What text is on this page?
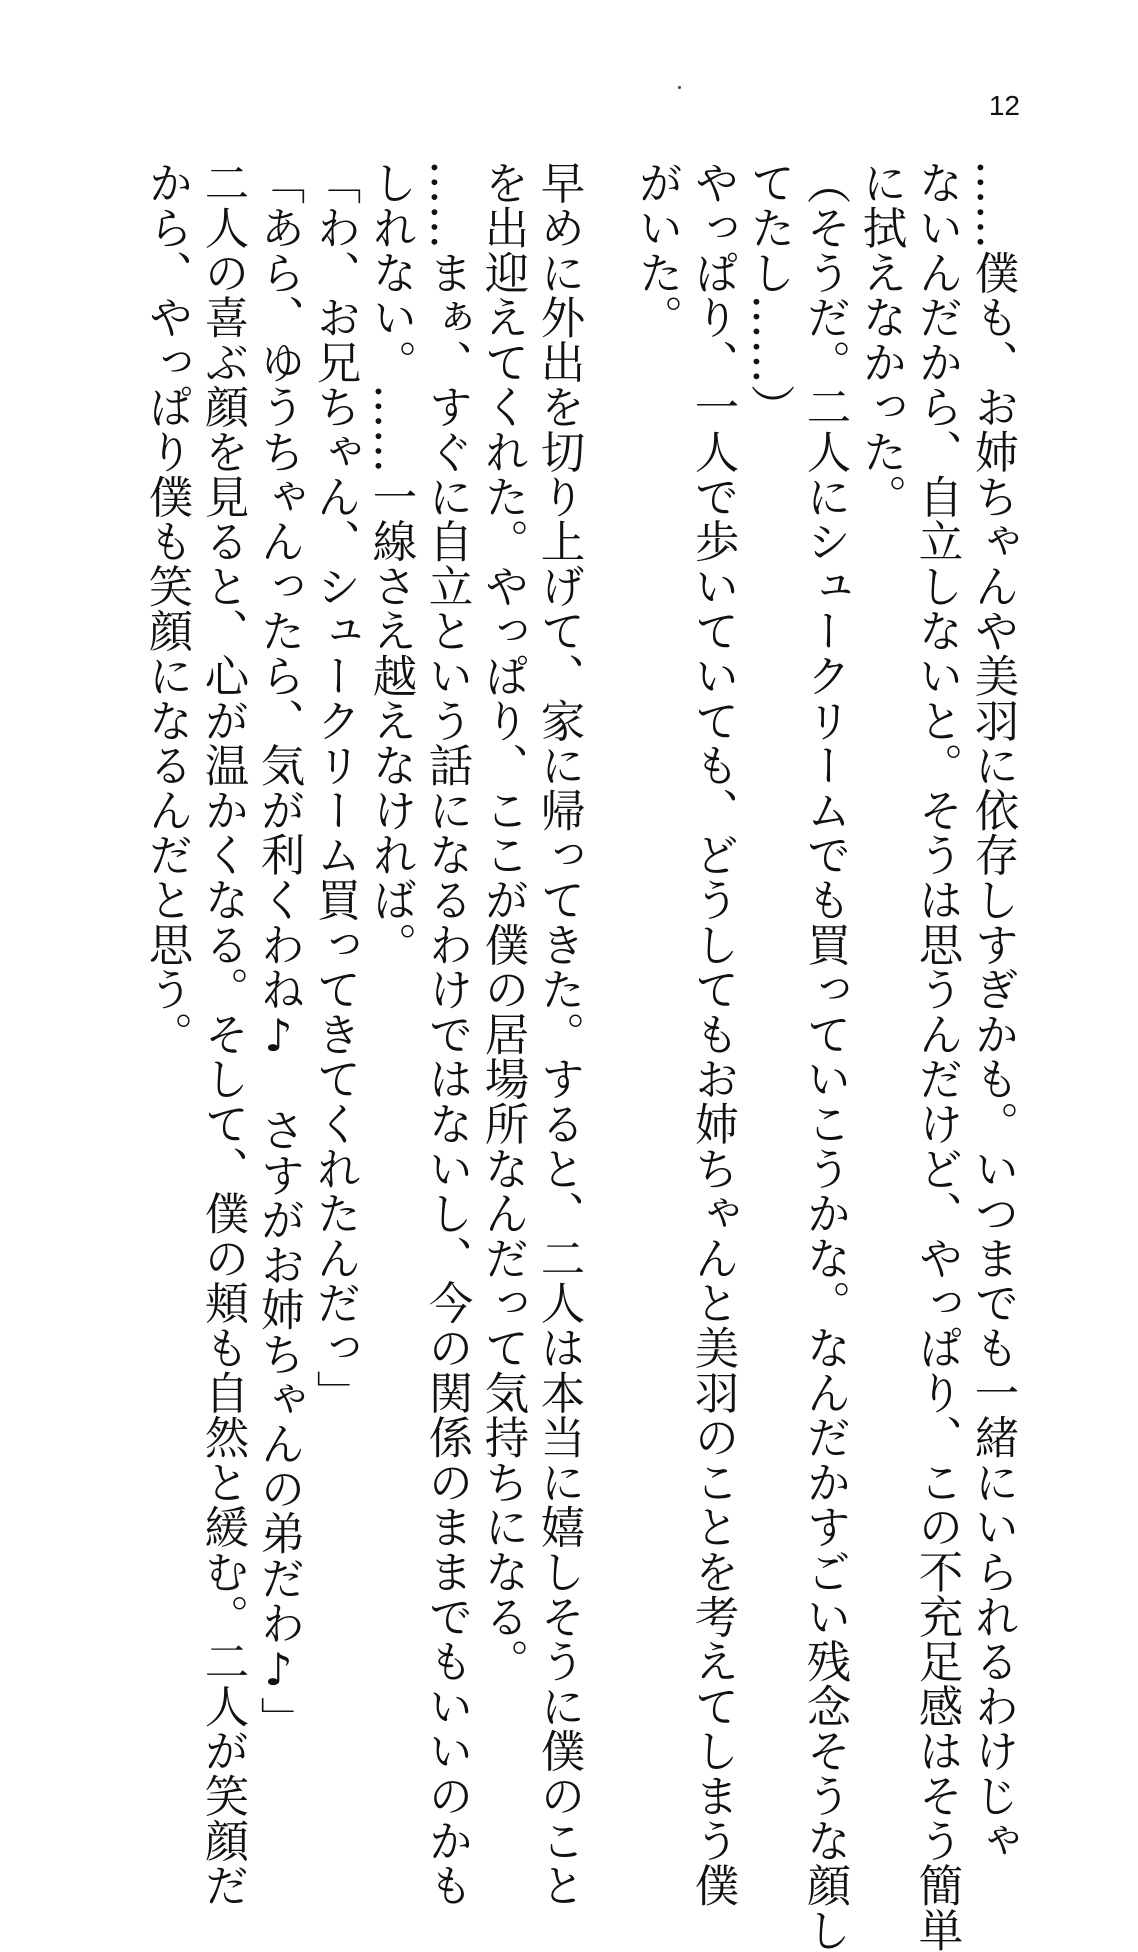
12
……僕も、お姉ちゃんや美羽に依存しすぎかも。いつまでも一緒にいられるわけじゃ
ないんだから、自立しないと。そうは思うんだけど、やっぱり、この不充足感はそう簡単
に拭えなかった。
（そうだ。二人にシュークリームでも買っていこうかな。なんだかすごい残念そうな顔し
てたし……）
やっぱり、一人で歩いていても、どうしてもお姉ちゃんと美羽のことを考えてしまう僕
がいた。
早めに外出を切り上げて、家に帰ってきた。すると、二人は本当に嬉しそうに僕のこと
を出迎えてくれた。やっぱり、ここが僕の居場所なんだって気持ちになる。
……まぁ、すぐに自立という話になるわけではないし、今の関係のままでもいいのかも
しれない。……一線さえ越えなければ。
「わ、お兄ちゃん、シュークリーム買ってきてくれたんだっ」
「あら、ゆうちゃんったら、気が利くわね♪　さすがお姉ちゃんの弟だわ♪」
二人の喜ぶ顔を見ると、心が温かくなる。そして、僕の頬も自然と緩む。二人が笑顔だ
から、やっぱり僕も笑顔になるんだと思う。
